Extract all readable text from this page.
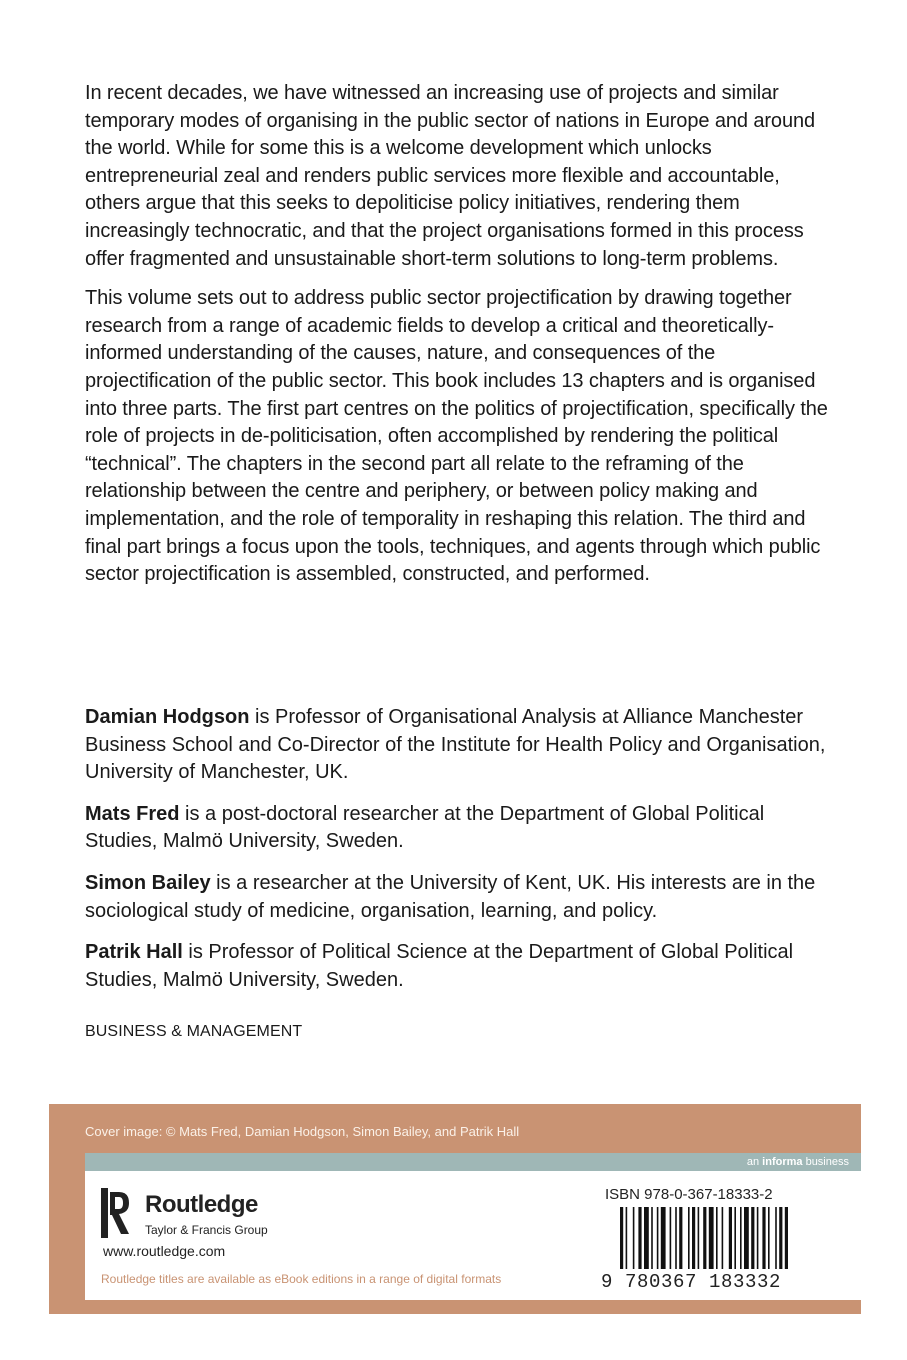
In recent decades, we have witnessed an increasing use of projects and similar temporary modes of organising in the public sector of nations in Europe and around the world. While for some this is a welcome development which unlocks entrepreneurial zeal and renders public services more flexible and accountable, others argue that this seeks to depoliticise policy initiatives, rendering them increasingly technocratic, and that the project organisations formed in this process offer fragmented and unsustainable short-term solutions to long-term problems.

This volume sets out to address public sector projectification by drawing together research from a range of academic fields to develop a critical and theoretically-informed understanding of the causes, nature, and consequences of the projectification of the public sector. This book includes 13 chapters and is organised into three parts. The first part centres on the politics of projectification, specifically the role of projects in de-politicisation, often accomplished by rendering the political “technical”. The chapters in the second part all relate to the reframing of the relationship between the centre and periphery, or between policy making and implementation, and the role of temporality in reshaping this relation. The third and final part brings a focus upon the tools, techniques, and agents through which public sector projectification is assembled, constructed, and performed.

Damian Hodgson is Professor of Organisational Analysis at Alliance Manchester Business School and Co-Director of the Institute for Health Policy and Organisation, University of Manchester, UK.

Mats Fred is a post-doctoral researcher at the Department of Global Political Studies, Malmö University, Sweden.

Simon Bailey is a researcher at the University of Kent, UK. His interests are in the sociological study of medicine, organisation, learning, and policy.

Patrik Hall is Professor of Political Science at the Department of Global Political Studies, Malmö University, Sweden.

BUSINESS & MANAGEMENT
Cover image: © Mats Fred, Damian Hodgson, Simon Bailey, and Patrik Hall
an informa business
Routledge
Taylor & Francis Group
www.routledge.com
Routledge titles are available as eBook editions in a range of digital formats
ISBN 978-0-367-18333-2
9 780367 183332
